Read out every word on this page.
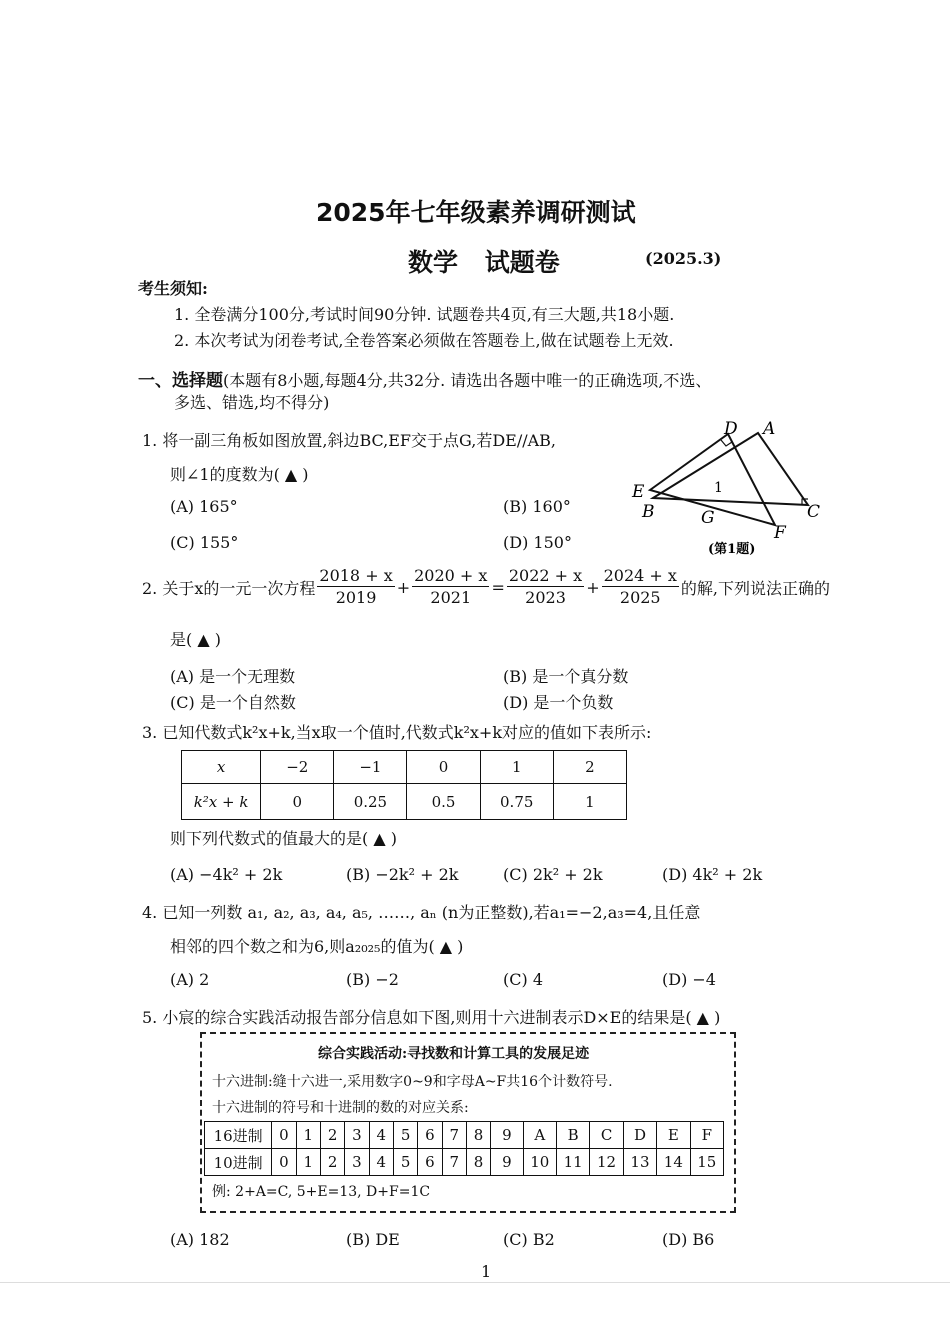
2025年七年级素养调研测试
数学 试题卷	(2025.3)
考生须知:
1. 全卷满分100分,考试时间90分钟. 试题卷共4页,有三大题,共18小题.
2. 本次考试为闭卷考试,全卷答案必须做在答题卷上,做在试题卷上无效.
一、选择题(本题有8小题,每题4分,共32分. 请选出各题中唯一的正确选项,不选、
多选、错选,均不得分)
1. 将一副三角板如图放置,斜边BC,EF交于点G,若DE//AB,
则∠1的度数为( ▲ )
(A) 165°	(B) 160°
(C) 155°	(D) 150°
D A
E
B	G	C
F
1
(第1题)
2. 关于x的一元一次方程 $\frac{2018 + x}{2019} + \frac{2020 + x}{2021} = \frac{2022 + x}{2023} + \frac{2024 + x}{2025}$ 的解,下列说法正确的
是( ▲ )
(A) 是一个无理数	(B) 是一个真分数
(C) 是一个自然数	(D) 是一个负数
3. 已知代数式k²x+k,当x取一个值时,代数式k²x+k对应的值如下表所示:
x	−2	−1	0	1	2
k²x + k	0	0.25	0.5	0.75	1
则下列代数式的值最大的是( ▲ )
(A) −4k² + 2k	(B) −2k² + 2k	(C) 2k² + 2k	(D) 4k² + 2k
4. 已知一列数 a₁, a₂, a₃, a₄, a₅, ……, aₙ (n为正整数),若a₁=−2,a₃=4,且任意
相邻的四个数之和为6,则a₂₀₂₅的值为( ▲ )
(A) 2	(B) −2	(C) 4	(D) −4
5. 小宸的综合实践活动报告部分信息如下图,则用十六进制表示D×E的结果是( ▲ )
综合实践活动:寻找数和计算工具的发展足迹
十六进制:缝十六进一,采用数字0~9和字母A~F共16个计数符号.
十六进制的符号和十进制的数的对应关系:
16进制	0	1	2	3	4	5	6	7	8	9	A	B	C	D	E	F
10进制	0	1	2	3	4	5	6	7	8	9	10	11	12	13	14	15
例: 2+A=C, 5+E=13, D+F=1C
(A) 182	(B) DE	(C) B2	(D) B6
1
